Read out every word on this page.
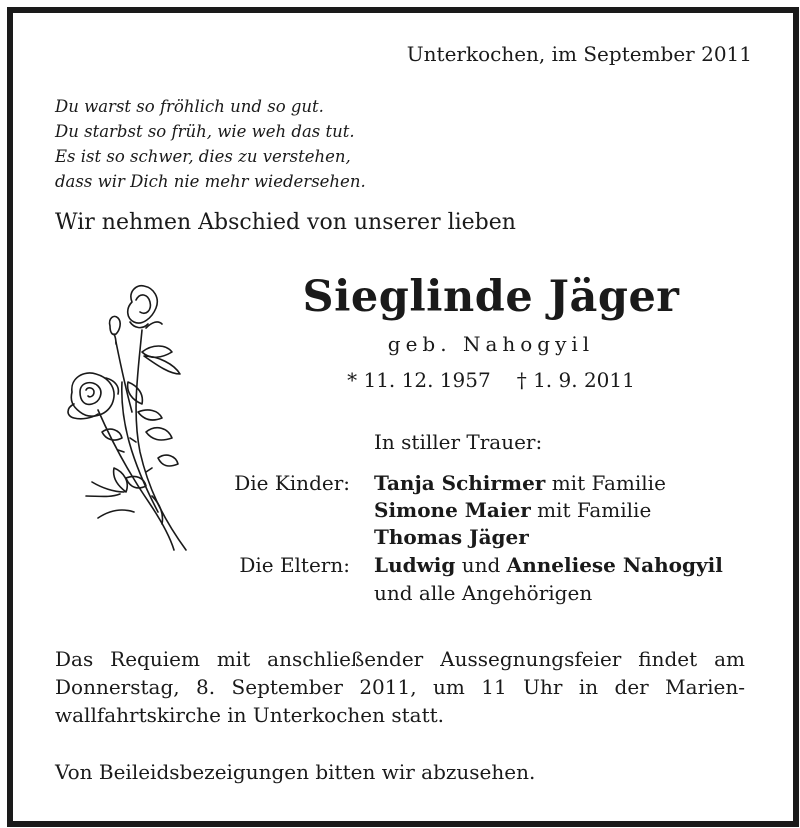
Unterkochen, im September 2011
Du warst so fröhlich und so gut.
Du starbst so früh, wie weh das tut.
Es ist so schwer, dies zu verstehen,
dass wir Dich nie mehr wiedersehen.
Wir nehmen Abschied von unserer lieben
Sieglinde Jäger
geb. Nahogyil
* 11. 12. 1957 † 1. 9. 2011
In stiller Trauer:
Die Kinder: Tanja Schirmer mit Familie
Simone Maier mit Familie
Thomas Jäger
Die Eltern: Ludwig und Anneliese Nahogyil
und alle Angehörigen
Das Requiem mit anschließender Aussegnungsfeier findet am
Donnerstag, 8. September 2011, um 11 Uhr in der Marien-
wallfahrtskirche in Unterkochen statt.
Von Beileidsbezeigungen bitten wir abzusehen.
